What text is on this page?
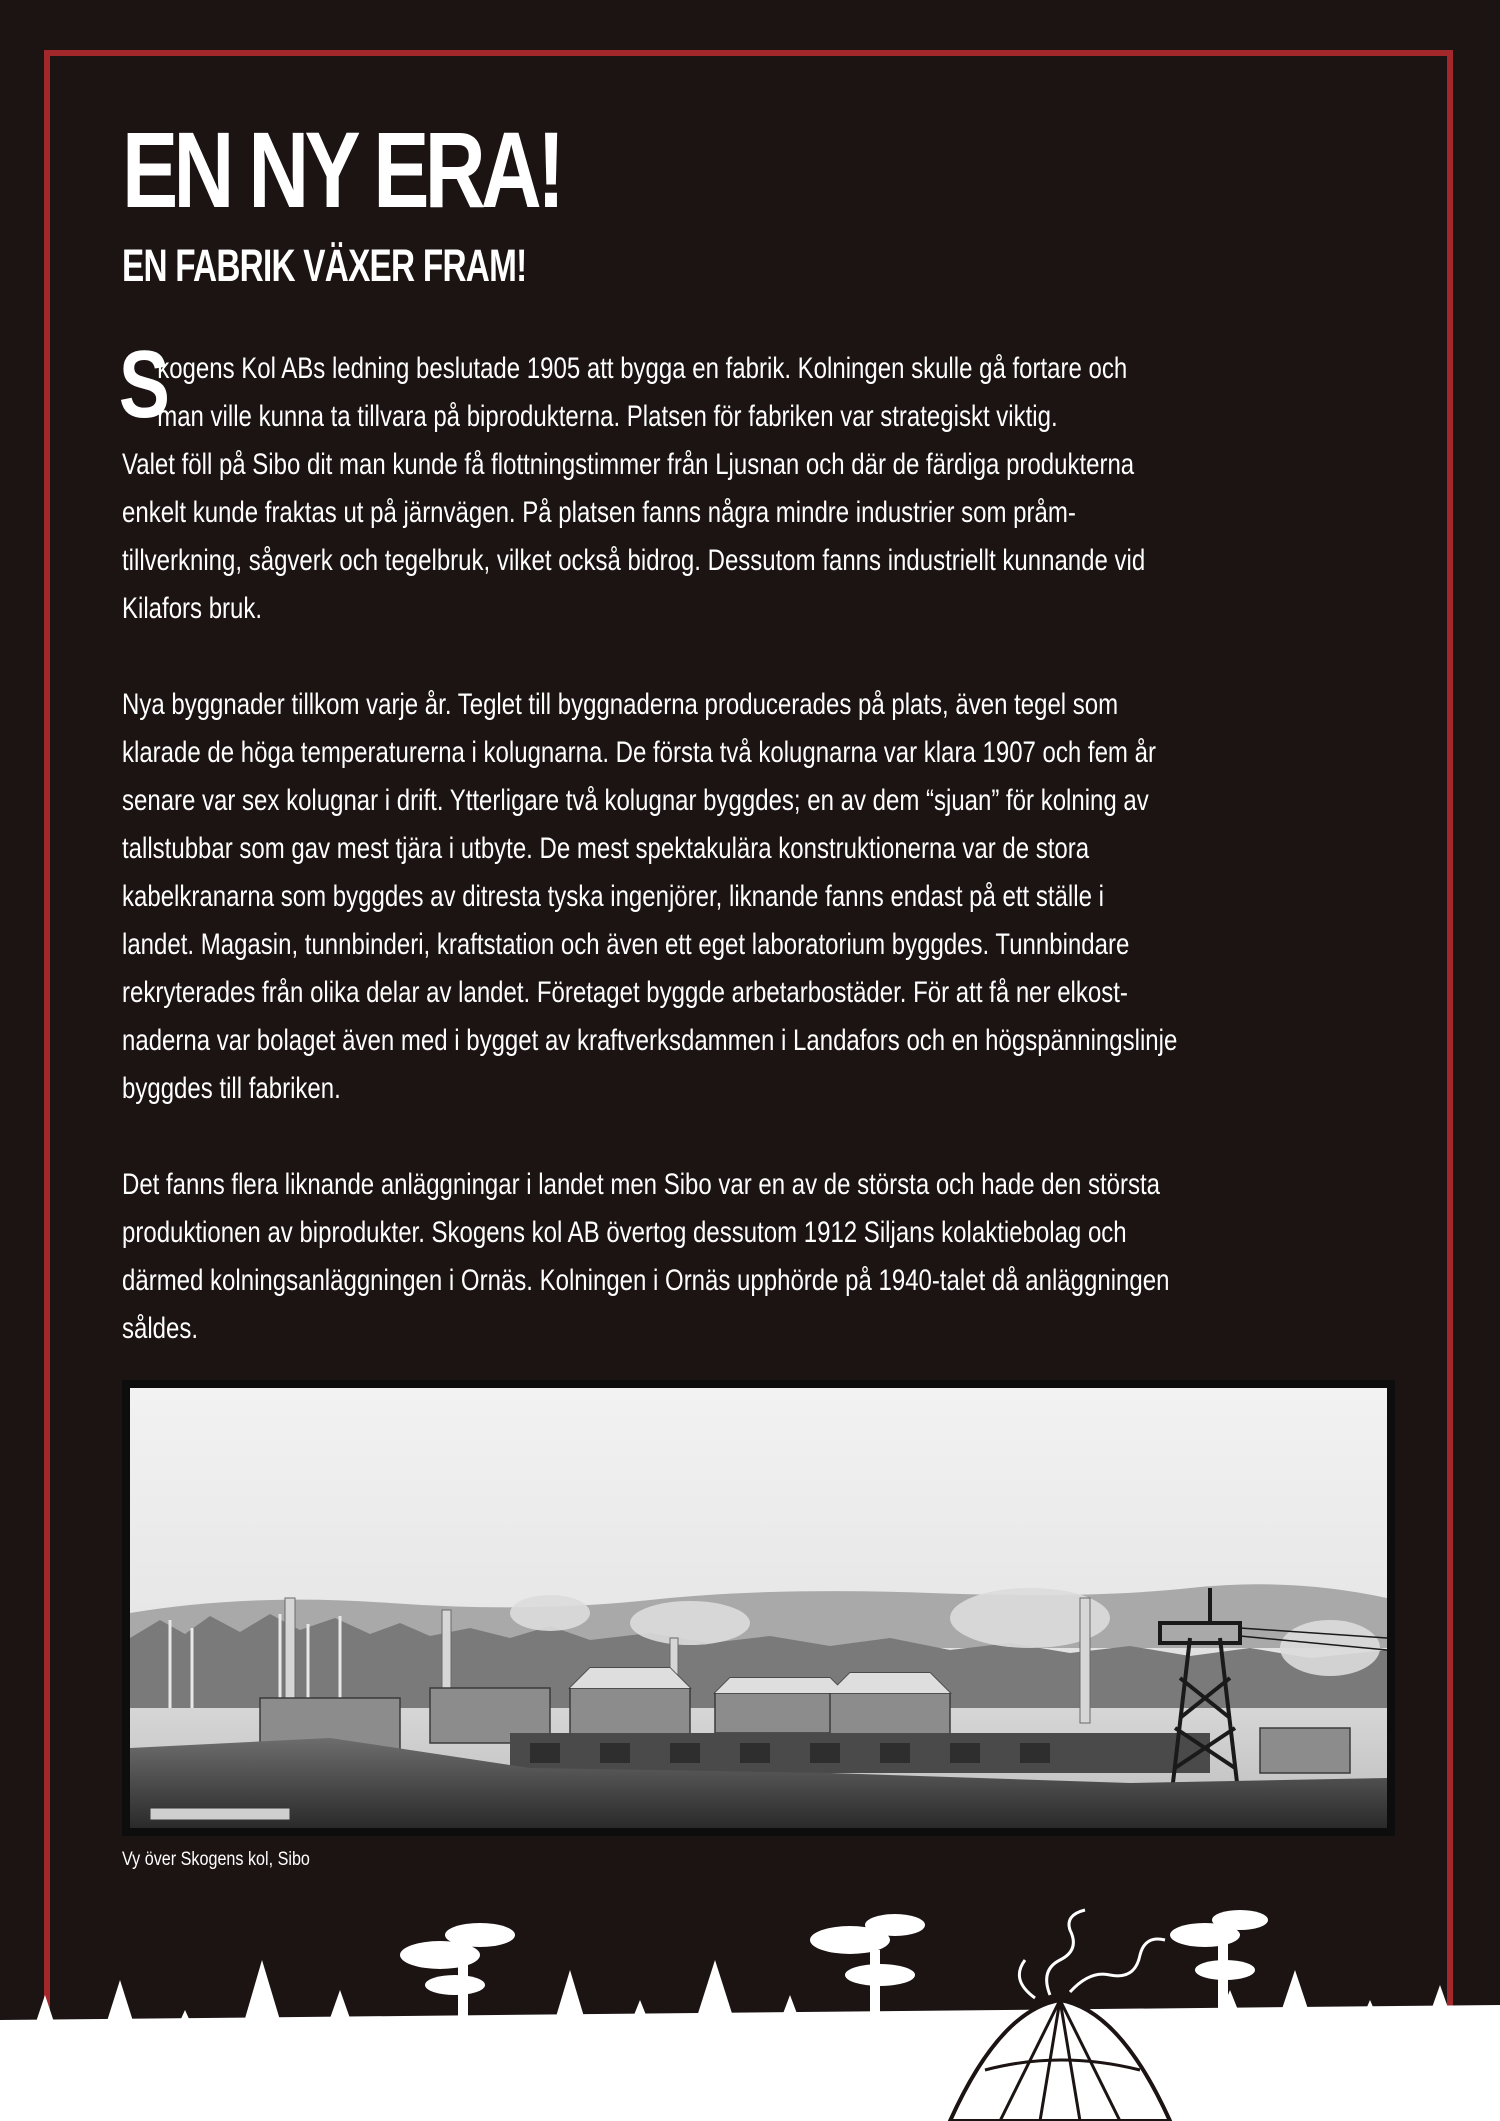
EN NY ERA!
EN FABRIK VÄXER FRAM!

S
kogens Kol ABs ledning beslutade 1905 att bygga en fabrik. Kolningen skulle gå fortare och
man ville kunna ta tillvara på biprodukterna. Platsen för fabriken var strategiskt viktig.
Valet föll på Sibo dit man kunde få flottningstimmer från Ljusnan och där de färdiga produkterna
enkelt kunde fraktas ut på järnvägen. På platsen fanns några mindre industrier som pråm-
tillverkning, sågverk och tegelbruk, vilket också bidrog. Dessutom fanns industriellt kunnande vid
Kilafors bruk.

Nya byggnader tillkom varje år. Teglet till byggnaderna producerades på plats, även tegel som
klarade de höga temperaturerna i kolugnarna. De första två kolugnarna var klara 1907 och fem år
senare var sex kolugnar i drift. Ytterligare två kolugnar byggdes; en av dem “sjuan” för kolning av
tallstubbar som gav mest tjära i utbyte. De mest spektakulära konstruktionerna var de stora
kabelkranarna som byggdes av ditresta tyska ingenjörer, liknande fanns endast på ett ställe i
landet. Magasin, tunnbinderi, kraftstation och även ett eget laboratorium byggdes. Tunnbindare
rekryterades från olika delar av landet. Företaget byggde arbetarbostäder. För att få ner elkost-
naderna var bolaget även med i bygget av kraftverksdammen i Landafors och en högspänningslinje
byggdes till fabriken.

Det fanns flera liknande anläggningar i landet men Sibo var en av de största och hade den största
produktionen av biprodukter. Skogens kol AB övertog dessutom 1912 Siljans kolaktiebolag och
därmed kolningsanläggningen i Ornäs. Kolningen i Ornäs upphörde på 1940-talet då anläggningen
såldes.

Vy över Skogens kol, Sibo
